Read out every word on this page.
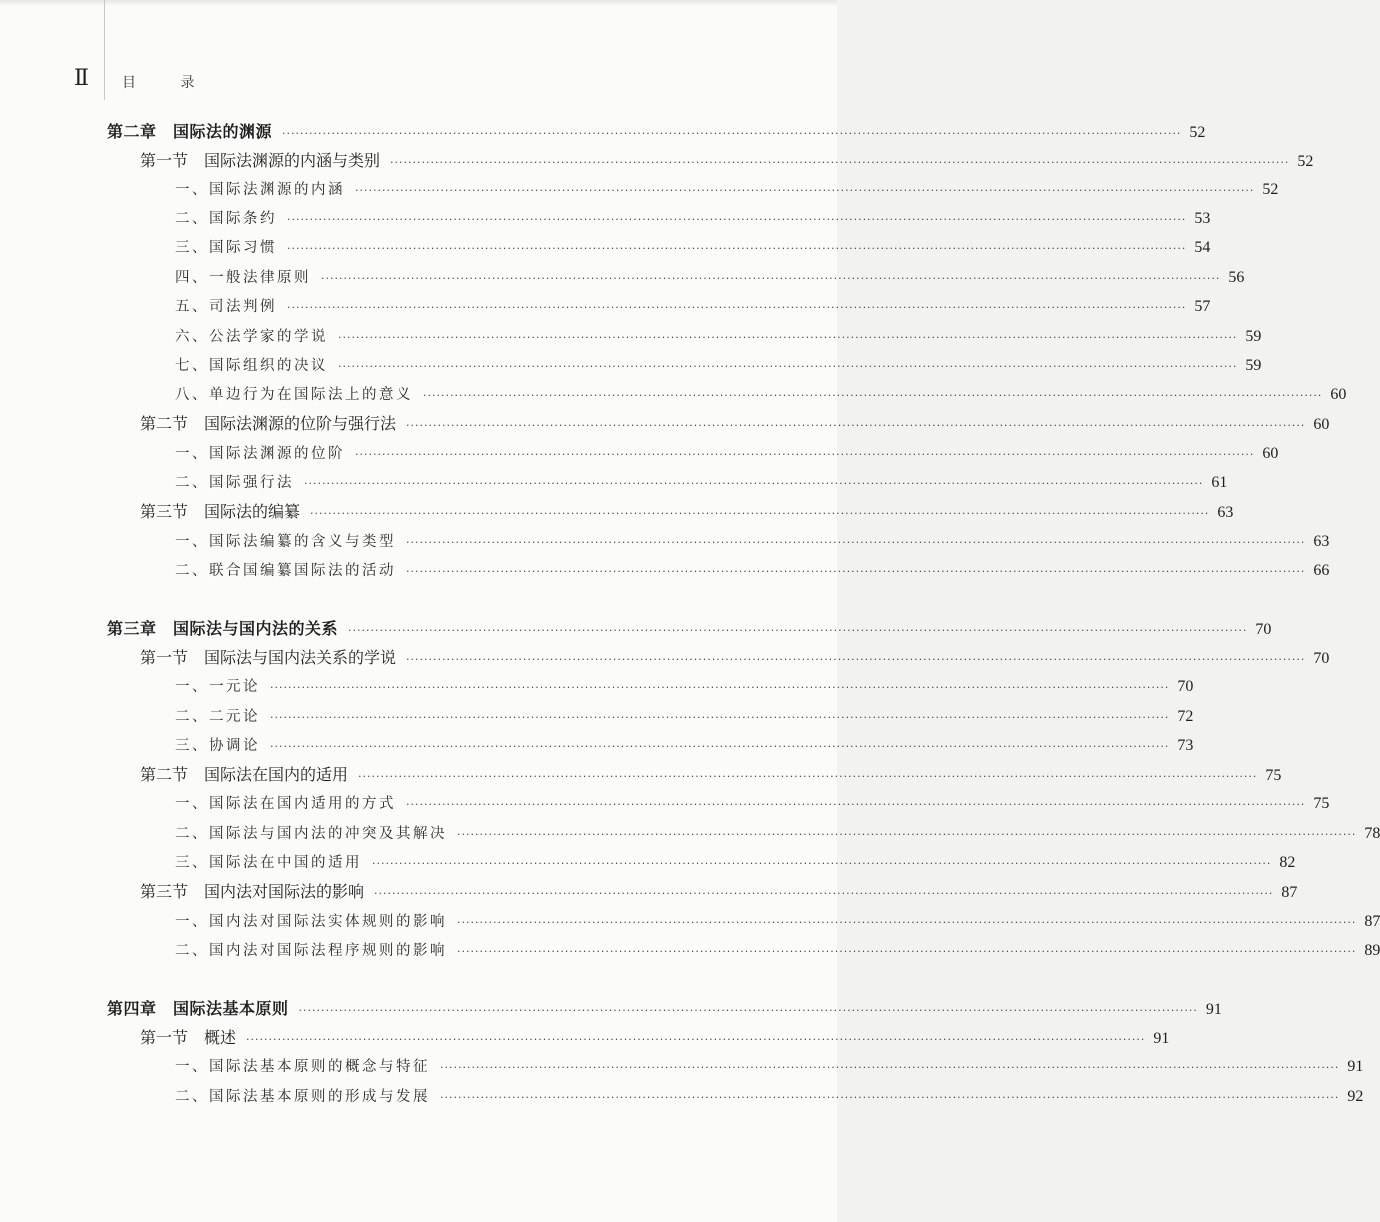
Ⅱ 目 录
第二章　国际法的渊源 ········································································································································································································ 52
第一节　国际法渊源的内涵与类别 ········································································································································································································ 52
一、国际法渊源的内涵 ········································································································································································································ 52
二、国际条约 ········································································································································································································ 53
三、国际习惯 ········································································································································································································ 54
四、一般法律原则 ········································································································································································································ 56
五、司法判例 ········································································································································································································ 57
六、公法学家的学说 ········································································································································································································ 59
七、国际组织的决议 ········································································································································································································ 59
八、单边行为在国际法上的意义 ········································································································································································································ 60
第二节　国际法渊源的位阶与强行法 ········································································································································································································ 60
一、国际法渊源的位阶 ········································································································································································································ 60
二、国际强行法 ········································································································································································································ 61
第三节　国际法的编纂 ········································································································································································································ 63
一、国际法编纂的含义与类型 ········································································································································································································ 63
二、联合国编纂国际法的活动 ········································································································································································································ 66
第三章　国际法与国内法的关系 ········································································································································································································ 70
第一节　国际法与国内法关系的学说 ········································································································································································································ 70
一、一元论 ········································································································································································································ 70
二、二元论 ········································································································································································································ 72
三、协调论 ········································································································································································································ 73
第二节　国际法在国内的适用 ········································································································································································································ 75
一、国际法在国内适用的方式 ········································································································································································································ 75
二、国际法与国内法的冲突及其解决 ········································································································································································································ 78
三、国际法在中国的适用 ········································································································································································································ 82
第三节　国内法对国际法的影响 ········································································································································································································ 87
一、国内法对国际法实体规则的影响 ········································································································································································································ 87
二、国内法对国际法程序规则的影响 ········································································································································································································ 89
第四章　国际法基本原则 ········································································································································································································ 91
第一节　概述 ········································································································································································································ 91
一、国际法基本原则的概念与特征 ········································································································································································································ 91
二、国际法基本原则的形成与发展 ········································································································································································································ 92
